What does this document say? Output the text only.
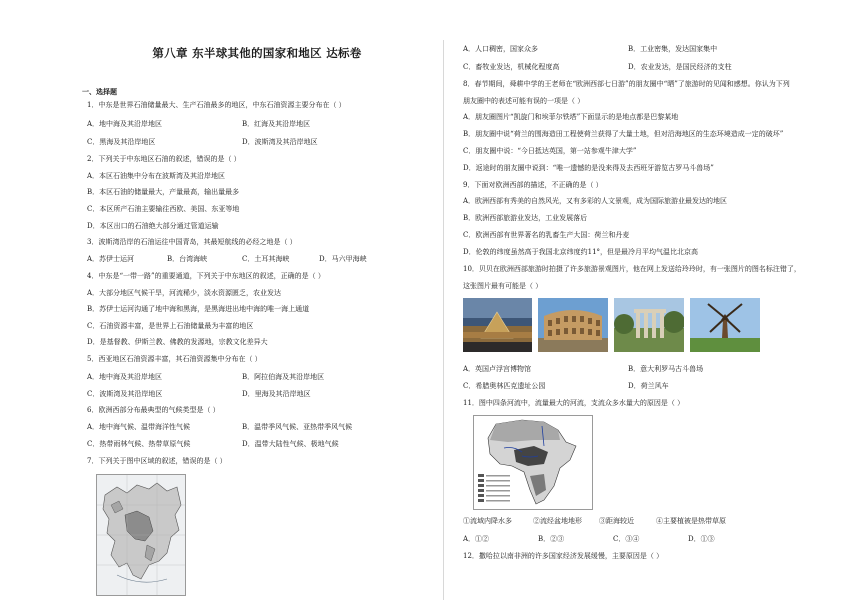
第八章 东半球其他的国家和地区 达标卷
一、选择题
1．中东是世界石油储量最大、生产石油最多的地区，中东石油资源主要分布在（ ）
A．地中海及其沿岸地区	B．红海及其沿岸地区
C．黑海及其沿岸地区	D．波斯湾及其沿岸地区
2．下列关于中东地区石油的叙述，错误的是（ ）
A．本区石油集中分布在波斯湾及其沿岸地区
B．本区石油的储量最大，产量最高，输出量最多
C．本区所产石油主要输往西欧、美国、东亚等地
D．本区出口的石油绝大部分通过管道运输
3．波斯湾沿岸的石油运往中国青岛，其最短航线的必经之地是（ ）
A．苏伊士运河	B．台湾海峡	C．土耳其海峡	D．马六甲海峡
4．中东是“一带一路”的重要通道，下列关于中东地区的叙述，正确的是（ ）
A．大部分地区气候干旱，河流稀少，淡水资源匮乏，农业发达
B．苏伊士运河沟通了地中海和黑海，是黑海进出地中海的唯一海上通道
C．石油资源丰富，是世界上石油储量最为丰富的地区
D．是基督教、伊斯兰教、佛教的发源地，宗教文化差异大
5．西亚地区石油资源丰富，其石油资源集中分布在（ ）
A．地中海及其沿岸地区	B．阿拉伯海及其沿岸地区
C．波斯湾及其沿岸地区	D．里海及其沿岸地区
6．欧洲西部分布最典型的气候类型是（ ）
A．地中海气候、温带海洋性气候	B．温带季风气候、亚热带季风气候
C．热带雨林气候、热带草原气候	D．温带大陆性气候、极地气候
7．下列关于图中区域的叙述，错误的是（ ）
A．人口稠密，国家众多	B．工业密集，发达国家集中
C．畜牧业发达，机械化程度高	D．农业发达，是国民经济的支柱
8．春节期间，舜耕中学的王老师在“欧洲西部七日游”的朋友圈中“晒”了旅游时的见闻和感想。你认为下列
朋友圈中的表述可能有误的一项是（ ）
A．朋友圈图片“凯旋门和埃菲尔铁塔”下面显示的是地点都是巴黎某地
B．朋友圈中说“荷兰的围海造田工程使荷兰获得了大量土地，但对沿海地区的生态环境造成一定的破坏”
C．朋友圈中说：“今日抵达英国，第一站参观牛津大学”
D．返途时的朋友圈中说到：“唯一遗憾的是没来得及去西班牙游览古罗马斗兽场”
9．下面对欧洲西部的描述，不正确的是（ ）
A．欧洲西部有秀美的自然风光，又有多彩的人文景观，成为国际旅游业最发达的地区
B．欧洲西部旅游业发达，工业发展落后
C．欧洲西部有世界著名的乳畜生产大国：荷兰和丹麦
D．伦敦的纬度虽然高于我国北京纬度约11°，但是最冷月平均气温比北京高
10．贝贝在欧洲西部旅游时拍摄了许多旅游景观图片，他在网上发送给玲玲时，有一张图片的图名标注错了，
这张图片最有可能是（ ）
A．英国卢浮宫博物馆	B．意大利罗马古斗兽场
C．希腊奥林匹克遗址公园	D．荷兰风车
11．图中四条河流中，流量最大的河流，支流众多水量大的原因是（ ）
①流域内降水多	②流经盆地地形 ③距海较近	④主要植被是热带草原
A．①②	B．②③	C．③④	D．①③
12．撒哈拉以南非洲的许多国家经济发展缓慢，主要原因是（ ）
